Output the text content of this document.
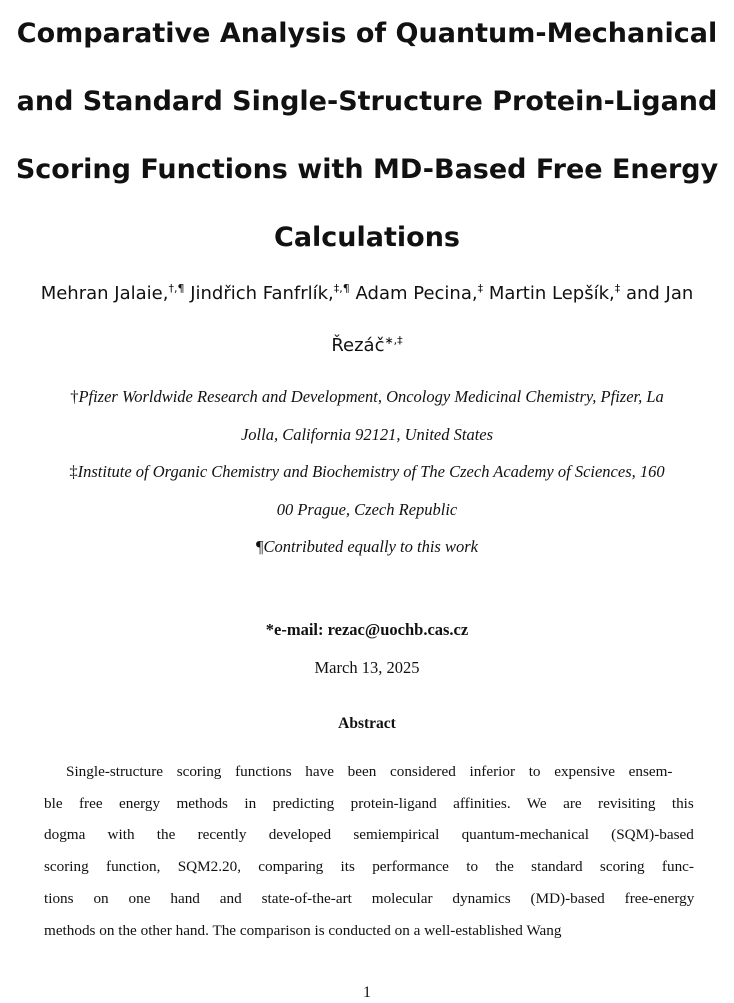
Comparative Analysis of Quantum-Mechanical
and Standard Single-Structure Protein-Ligand
Scoring Functions with MD-Based Free Energy
Calculations
Mehran Jalaie,†,¶ Jindřich Fanfrlík,‡,¶ Adam Pecina,‡ Martin Lepšík,‡ and Jan
Řezáč∗,‡
†Pfizer Worldwide Research and Development, Oncology Medicinal Chemistry, Pfizer, La
Jolla, California 92121, United States
‡Institute of Organic Chemistry and Biochemistry of The Czech Academy of Sciences, 160
00 Prague, Czech Republic
¶Contributed equally to this work
*e-mail: rezac@uochb.cas.cz
March 13, 2025
Abstract
Single-structure scoring functions have been considered inferior to expensive ensem-
ble free energy methods in predicting protein-ligand affinities. We are revisiting this
dogma with the recently developed semiempirical quantum-mechanical (SQM)-based
scoring function, SQM2.20, comparing its performance to the standard scoring func-
tions on one hand and state-of-the-art molecular dynamics (MD)-based free-energy
methods on the other hand. The comparison is conducted on a well-established Wang
1
